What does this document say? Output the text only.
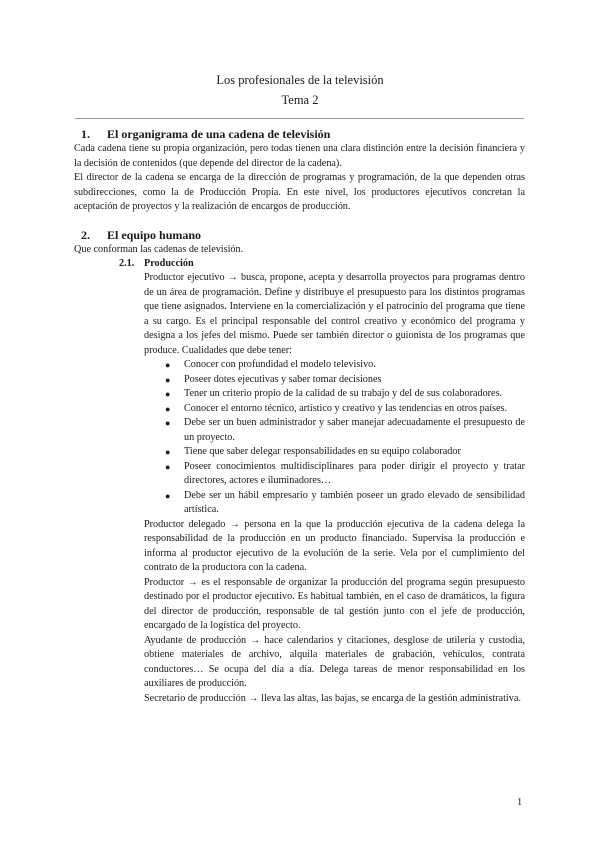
Los profesionales de la televisión
Tema 2
1. El organigrama de una cadena de televisión

Cada cadena tiene su propia organización, pero todas tienen una clara distinción entre la decisión financiera y la decisión de contenidos (que depende del director de la cadena).

El director de la cadena se encarga de la dirección de programas y programación, de la que dependen otras subdirecciones, como la de Producción Propia. En este nivel, los productores ejecutivos concretan la aceptación de proyectos y la realización de encargos de producción.

2. El equipo humano

Que conforman las cadenas de televisión.

2.1. Producción

Productor ejecutivo → busca, propone, acepta y desarrolla proyectos para programas dentro de un área de programación. Define y distribuye el presupuesto para los distintos programas que tiene asignados. Interviene en la comercialización y el patrocinio del programa que tiene a su cargo. Es el principal responsable del control creativo y económico del programa y designa a los jefes del mismo. Puede ser también director o guionista de los programas que produce. Cualidades que debe tener:

● Conocer con profundidad el modelo televisivo.
● Poseer dotes ejecutivas y saber tomar decisiones
● Tener un criterio propio de la calidad de su trabajo y del de sus colaboradores.
● Conocer el entorno técnico, artístico y creativo y las tendencias en otros países.
● Debe ser un buen administrador y saber manejar adecuadamente el presupuesto de un proyecto.
● Tiene que saber delegar responsabilidades en su equipo colaborador
● Poseer conocimientos multidisciplinares para poder dirigir el proyecto y tratar directores, actores e iluminadores…
● Debe ser un hábil empresario y también poseer un grado elevado de sensibilidad artística.

Productor delegado → persona en la que la producción ejecutiva de la cadena delega la responsabilidad de la producción en un producto financiado. Supervisa la producción e informa al productor ejecutivo de la evolución de la serie. Vela por el cumplimiento del contrato de la productora con la cadena.

Productor → es el responsable de organizar la producción del programa según presupuesto destinado por el productor ejecutivo. Es habitual también, en el caso de dramáticos, la figura del director de producción, responsable de tal gestión junto con el jefe de producción, encargado de la logística del proyecto.

Ayudante de producción → hace calendarios y citaciones, desglose de utilería y custodia, obtiene materiales de archivo, alquila materiales de grabación, vehículos, contrata conductores… Se ocupa del día a día. Delega tareas de menor responsabilidad en los auxiliares de producción.

Secretario de producción → lleva las altas, las bajas, se encarga de la gestión administrativa.

1
